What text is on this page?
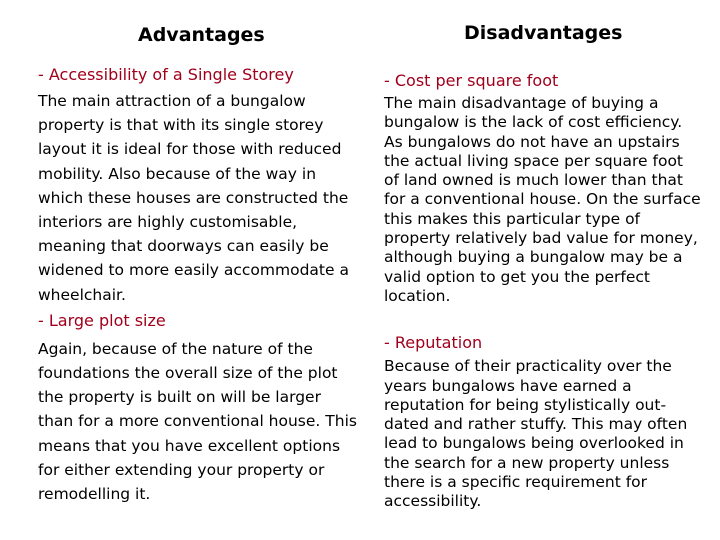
Advantages

- Accessibility of a Single Storey

The main attraction of a bungalow property is that with its single storey layout it is ideal for those with reduced mobility. Also because of the way in which these houses are constructed the interiors are highly customisable, meaning that doorways can easily be widened to more easily accommodate a wheelchair.

- Large plot size

Again, because of the nature of the foundations the overall size of the plot the property is built on will be larger than for a more conventional house. This means that you have excellent options for either extending your property or remodelling it.

Disadvantages

- Cost per square foot

The main disadvantage of buying a bungalow is the lack of cost efficiency. As bungalows do not have an upstairs the actual living space per square foot of land owned is much lower than that for a conventional house. On the surface this makes this particular type of property relatively bad value for money, although buying a bungalow may be a valid option to get you the perfect location.

- Reputation

Because of their practicality over the years bungalows have earned a reputation for being stylistically out-dated and rather stuffy. This may often lead to bungalows being overlooked in the search for a new property unless there is a specific requirement for accessibility.
